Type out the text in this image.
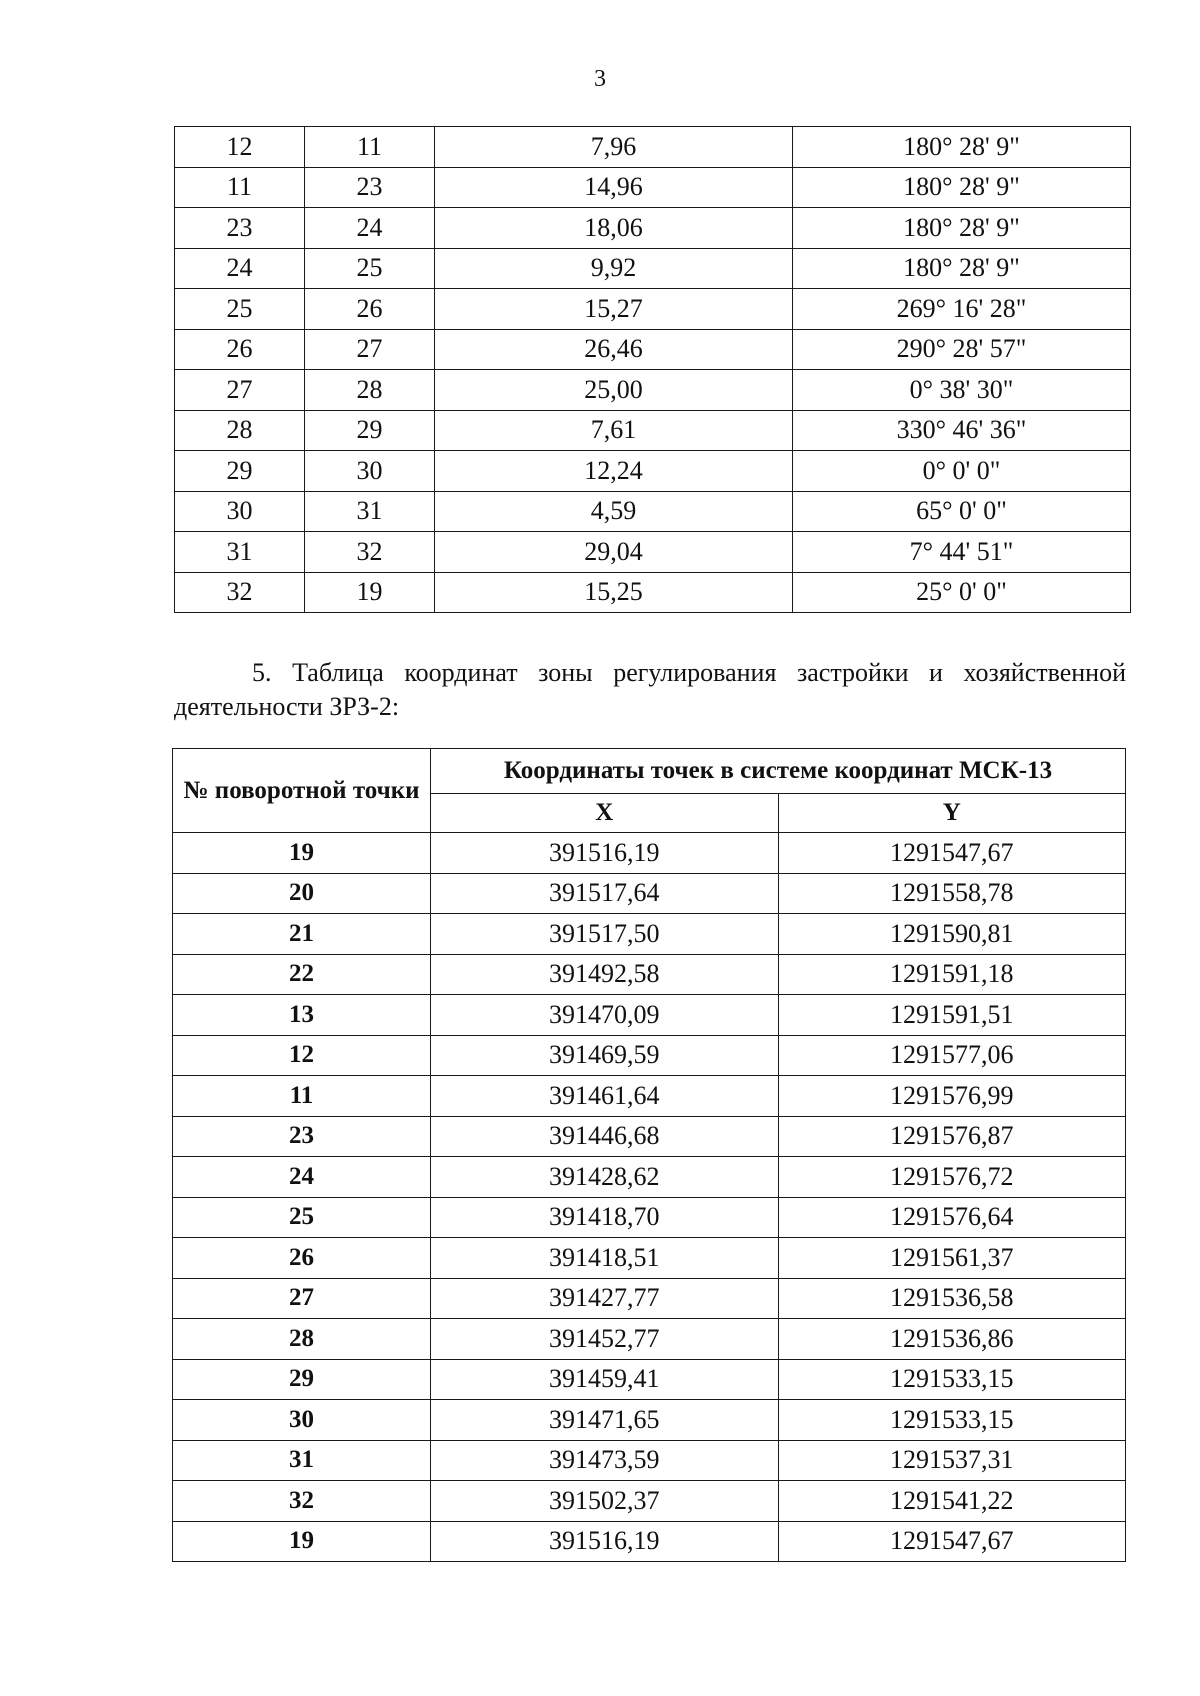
3
12	11	7,96	180° 28' 9"
11	23	14,96	180° 28' 9"
23	24	18,06	180° 28' 9"
24	25	9,92	180° 28' 9"
25	26	15,27	269° 16' 28"
26	27	26,46	290° 28' 57"
27	28	25,00	0° 38' 30"
28	29	7,61	330° 46' 36"
29	30	12,24	0° 0' 0"
30	31	4,59	65° 0' 0"
31	32	29,04	7° 44' 51"
32	19	15,25	25° 0' 0"

5. Таблица координат зоны регулирования застройки и хозяйственной деятельности ЗРЗ-2:

№ поворотной точки	Координаты точек в системе координат МСК-13	
	X	Y
19	391516,19	1291547,67
20	391517,64	1291558,78
21	391517,50	1291590,81
22	391492,58	1291591,18
13	391470,09	1291591,51
12	391469,59	1291577,06
11	391461,64	1291576,99
23	391446,68	1291576,87
24	391428,62	1291576,72
25	391418,70	1291576,64
26	391418,51	1291561,37
27	391427,77	1291536,58
28	391452,77	1291536,86
29	391459,41	1291533,15
30	391471,65	1291533,15
31	391473,59	1291537,31
32	391502,37	1291541,22
19	391516,19	1291547,67
